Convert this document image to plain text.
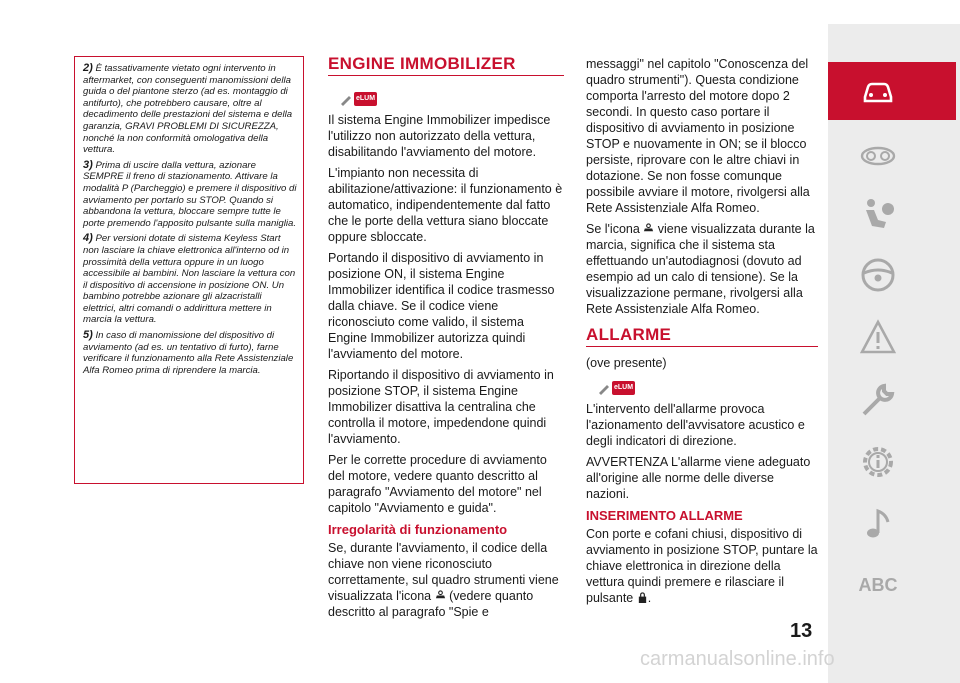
2) È tassativamente vietato ogni intervento in aftermarket, con conseguenti manomissioni della guida o del piantone sterzo (ad es. montaggio di antifurto), che potrebbero causare, oltre al decadimento delle prestazioni del sistema e della garanzia, GRAVI PROBLEMI DI SICUREZZA, nonché la non conformità omologativa della vettura.

3) Prima di uscire dalla vettura, azionare SEMPRE il freno di stazionamento. Attivare la modalità P (Parcheggio) e premere il dispositivo di avviamento per portarlo su STOP. Quando si abbandona la vettura, bloccare sempre tutte le porte premendo l'apposito pulsante sulla maniglia.

4) Per versioni dotate di sistema Keyless Start non lasciare la chiave elettronica all'interno od in prossimità della vettura oppure in un luogo accessibile ai bambini. Non lasciare la vettura con il dispositivo di accensione in posizione ON. Un bambino potrebbe azionare gli alzacristalli elettrici, altri comandi o addirittura mettere in marcia la vettura.

5) In caso di manomissione del dispositivo di avviamento (ad es. un tentativo di furto), farne verificare il funzionamento alla Rete Assistenziale Alfa Romeo prima di riprendere la marcia.

ENGINE IMMOBILIZER
eLUM

Il sistema Engine Immobilizer impedisce l'utilizzo non autorizzato della vettura, disabilitando l'avviamento del motore.

L'impianto non necessita di abilitazione/attivazione: il funzionamento è automatico, indipendentemente dal fatto che le porte della vettura siano bloccate oppure sbloccate.

Portando il dispositivo di avviamento in posizione ON, il sistema Engine Immobilizer identifica il codice trasmesso dalla chiave. Se il codice viene riconosciuto come valido, il sistema Engine Immobilizer autorizza quindi l'avviamento del motore.

Riportando il dispositivo di avviamento in posizione STOP, il sistema Engine Immobilizer disattiva la centralina che controlla il motore, impedendone quindi l'avviamento.

Per le corrette procedure di avviamento del motore, vedere quanto descritto al paragrafo "Avviamento del motore" nel capitolo "Avviamento e guida".

Irregolarità di funzionamento

Se, durante l'avviamento, il codice della chiave non viene riconosciuto correttamente, sul quadro strumenti viene visualizzata l'icona (vedere quanto descritto al paragrafo "Spie e

messaggi" nel capitolo "Conoscenza del quadro strumenti"). Questa condizione comporta l'arresto del motore dopo 2 secondi. In questo caso portare il dispositivo di avviamento in posizione STOP e nuovamente in ON; se il blocco persiste, riprovare con le altre chiavi in dotazione. Se non fosse comunque possibile avviare il motore, rivolgersi alla Rete Assistenziale Alfa Romeo.

Se l'icona viene visualizzata durante la marcia, significa che il sistema sta effettuando un'autodiagnosi (dovuto ad esempio ad un calo di tensione). Se la visualizzazione permane, rivolgersi alla Rete Assistenziale Alfa Romeo.

ALLARME

(ove presente)

eLUM

L'intervento dell'allarme provoca l'azionamento dell'avvisatore acustico e degli indicatori di direzione.

AVVERTENZA L'allarme viene adeguato all'origine alle norme delle diverse nazioni.

INSERIMENTO ALLARME

Con porte e cofani chiusi, dispositivo di avviamento in posizione STOP, puntare la chiave elettronica in direzione della vettura quindi premere e rilasciare il pulsante .

ABC
13
carmanualsonline.info
